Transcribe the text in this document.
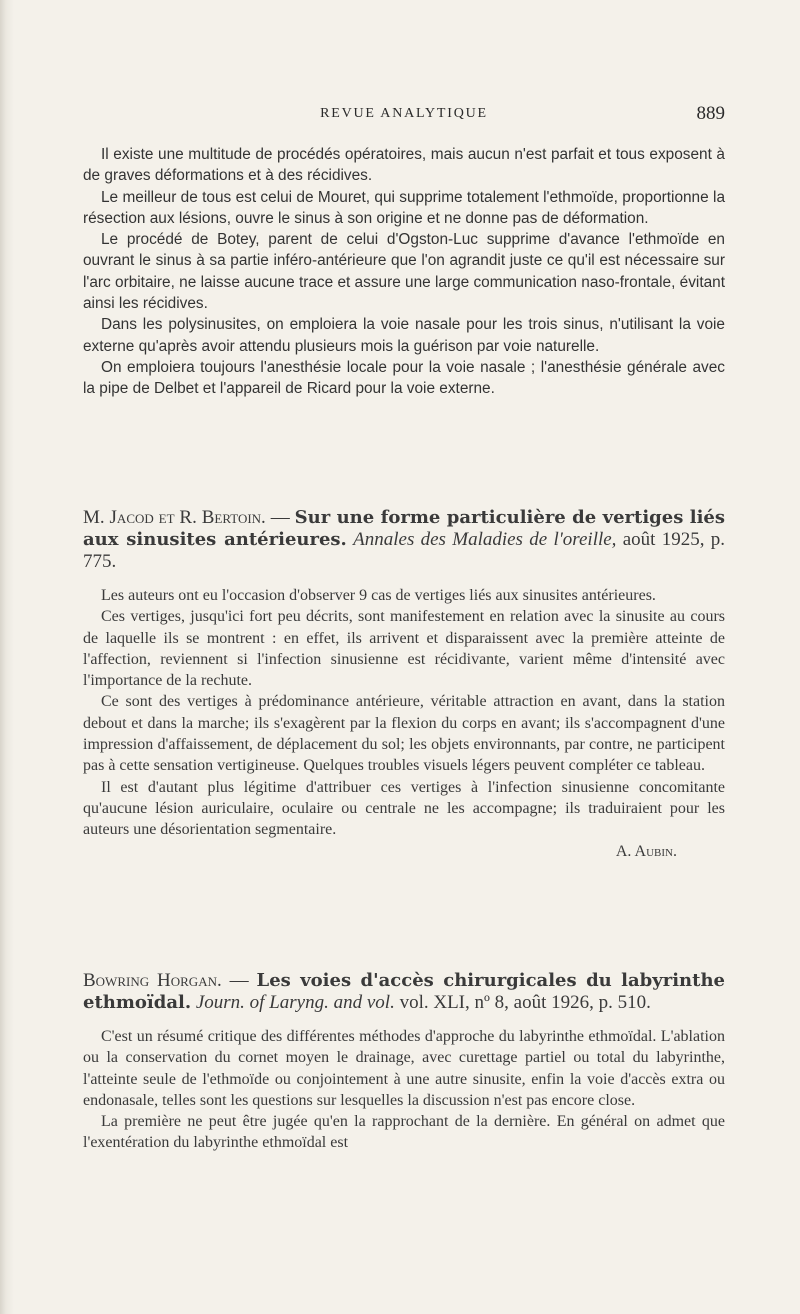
REVUE ANALYTIQUE	889

Il existe une multitude de procédés opératoires, mais aucun n'est parfait et tous exposent à de graves déformations et à des récidives.

Le meilleur de tous est celui de Mouret, qui supprime totalement l'ethmoïde, proportionne la résection aux lésions, ouvre le sinus à son origine et ne donne pas de déformation.

Le procédé de Botey, parent de celui d'Ogston-Luc supprime d'avance l'ethmoïde en ouvrant le sinus à sa partie inféro-antérieure que l'on agrandit juste ce qu'il est nécessaire sur l'arc orbitaire, ne laisse aucune trace et assure une large communication naso-frontale, évitant ainsi les récidives.

Dans les polysinusites, on emploiera la voie nasale pour les trois sinus, n'utilisant la voie externe qu'après avoir attendu plusieurs mois la guérison par voie naturelle.

On emploiera toujours l'anesthésie locale pour la voie nasale ; l'anesthésie générale avec la pipe de Delbet et l'appareil de Ricard pour la voie externe.

M. Jacod et R. Bertoin. — Sur une forme particulière de vertiges liés aux sinusites antérieures. Annales des Maladies de l'oreille, août 1925, p. 775.

Les auteurs ont eu l'occasion d'observer 9 cas de vertiges liés aux sinusites antérieures.

Ces vertiges, jusqu'ici fort peu décrits, sont manifestement en relation avec la sinusite au cours de laquelle ils se montrent : en effet, ils arrivent et disparaissent avec la première atteinte de l'affection, reviennent si l'infection sinusienne est récidivante, varient même d'intensité avec l'importance de la rechute.

Ce sont des vertiges à prédominance antérieure, véritable attraction en avant, dans la station debout et dans la marche; ils s'exagèrent par la flexion du corps en avant; ils s'accompagnent d'une impression d'affaissement, de déplacement du sol; les objets environnants, par contre, ne participent pas à cette sensation vertigineuse. Quelques troubles visuels légers peuvent compléter ce tableau.

Il est d'autant plus légitime d'attribuer ces vertiges à l'infection sinusienne concomitante qu'aucune lésion auriculaire, oculaire ou centrale ne les accompagne; ils traduiraient pour les auteurs une désorientation segmentaire.

A. Aubin.

Bowring Horgan. — Les voies d'accès chirurgicales du labyrinthe ethmoïdal. Journ. of Laryng. and vol. vol. XLI, nº 8, août 1926, p. 510.

C'est un résumé critique des différentes méthodes d'approche du labyrinthe ethmoïdal. L'ablation ou la conservation du cornet moyen le drainage, avec curettage partiel ou total du labyrinthe, l'atteinte seule de l'ethmoïde ou conjointement à une autre sinusite, enfin la voie d'accès extra ou endonasale, telles sont les questions sur lesquelles la discussion n'est pas encore close.

La première ne peut être jugée qu'en la rapprochant de la dernière. En général on admet que l'exentération du labyrinthe ethmoïdal est
